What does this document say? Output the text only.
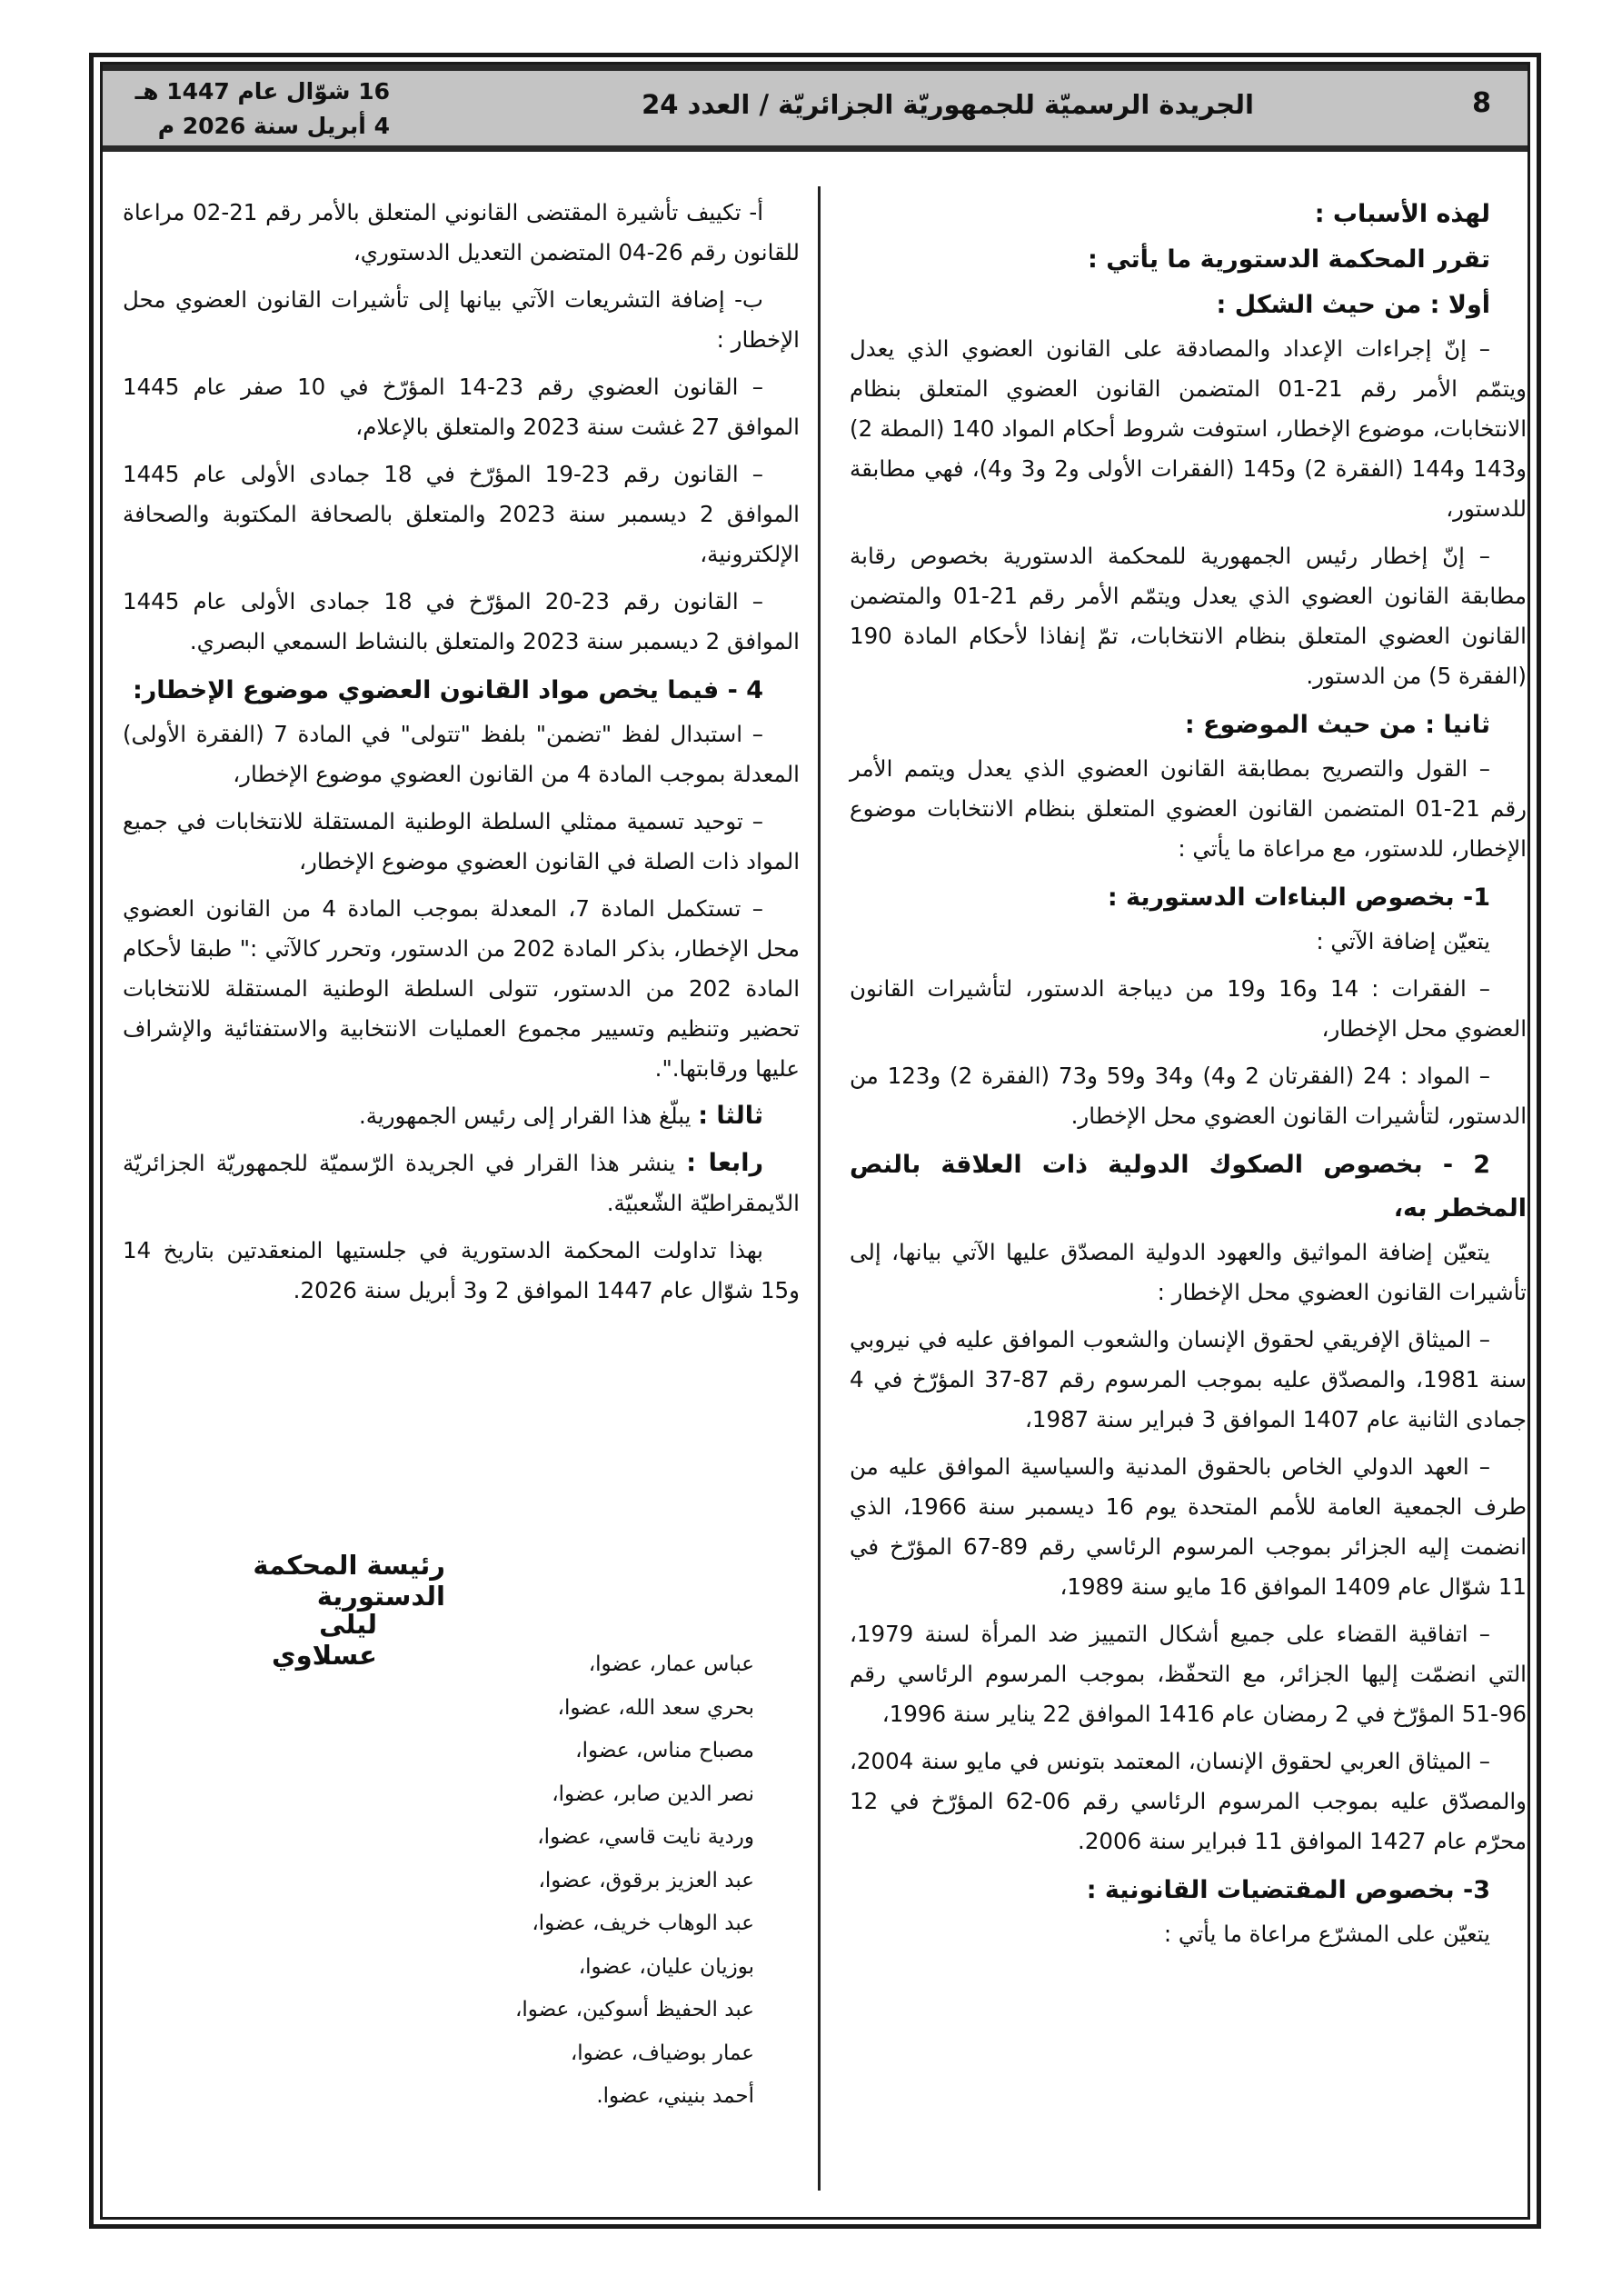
8
الجريدة الرسميّة للجمهوريّة الجزائريّة / العدد 24
16 شوّال عام 1447 هـ
4 أبريل سنة 2026 م
لهذه الأسباب :
تقرر المحكمة الدستورية ما يأتي :
أولا : من حيث الشكل :
– إنّ إجراءات الإعداد والمصادقة على القانون العضوي الذي يعدل ويتمّم الأمر رقم 21-01 المتضمن القانون العضوي المتعلق بنظام الانتخابات، موضوع الإخطار، استوفت شروط أحكام المواد 140 (المطة 2) و143 و144 (الفقرة 2) و145 (الفقرات الأولى و2 و3 و4)، فهي مطابقة للدستور،
– إنّ إخطار رئيس الجمهورية للمحكمة الدستورية بخصوص رقابة مطابقة القانون العضوي الذي يعدل ويتمّم الأمر رقم 21-01 والمتضمن القانون العضوي المتعلق بنظام الانتخابات، تمّ إنفاذا لأحكام المادة 190 (الفقرة 5) من الدستور.
ثانيا : من حيث الموضوع :
– القول والتصريح بمطابقة القانون العضوي الذي يعدل ويتمم الأمر رقم 21-01 المتضمن القانون العضوي المتعلق بنظام الانتخابات موضوع الإخطار، للدستور، مع مراعاة ما يأتي :
1- بخصوص البناءات الدستورية :
يتعيّن إضافة الآتي :
– الفقرات : 14 و16 و19 من ديباجة الدستور، لتأشيرات القانون العضوي محل الإخطار،
– المواد : 24 (الفقرتان 2 و4) و34 و59 و73 (الفقرة 2) و123 من الدستور، لتأشيرات القانون العضوي محل الإخطار.
2 - بخصوص الصكوك الدولية ذات العلاقة بالنص المخطر به،
يتعيّن إضافة المواثيق والعهود الدولية المصدّق عليها الآتي بيانها، إلى تأشيرات القانون العضوي محل الإخطار :
– الميثاق الإفريقي لحقوق الإنسان والشعوب الموافق عليه في نيروبي سنة 1981، والمصدّق عليه بموجب المرسوم رقم 87-37 المؤرّخ في 4 جمادى الثانية عام 1407 الموافق 3 فبراير سنة 1987،
– العهد الدولي الخاص بالحقوق المدنية والسياسية الموافق عليه من طرف الجمعية العامة للأمم المتحدة يوم 16 ديسمبر سنة 1966، الذي انضمت إليه الجزائر بموجب المرسوم الرئاسي رقم 89-67 المؤرّخ في 11 شوّال عام 1409 الموافق 16 مايو سنة 1989،
– اتفاقية القضاء على جميع أشكال التمييز ضد المرأة لسنة 1979، التي انضمّت إليها الجزائر، مع التحفّظ، بموجب المرسوم الرئاسي رقم 96-51 المؤرّخ في 2 رمضان عام 1416 الموافق 22 يناير سنة 1996،
– الميثاق العربي لحقوق الإنسان، المعتمد بتونس في مايو سنة 2004، والمصدّق عليه بموجب المرسوم الرئاسي رقم 06-62 المؤرّخ في 12 محرّم عام 1427 الموافق 11 فبراير سنة 2006.
3- بخصوص المقتضيات القانونية :
يتعيّن على المشرّع مراعاة ما يأتي :
أ- تكييف تأشيرة المقتضى القانوني المتعلق بالأمر رقم 21-02 مراعاة للقانون رقم 26-04 المتضمن التعديل الدستوري،
ب- إضافة التشريعات الآتي بيانها إلى تأشيرات القانون العضوي محل الإخطار :
– القانون العضوي رقم 23-14 المؤرّخ في 10 صفر عام 1445 الموافق 27 غشت سنة 2023 والمتعلق بالإعلام،
– القانون رقم 23-19 المؤرّخ في 18 جمادى الأولى عام 1445 الموافق 2 ديسمبر سنة 2023 والمتعلق بالصحافة المكتوبة والصحافة الإلكترونية،
– القانون رقم 23-20 المؤرّخ في 18 جمادى الأولى عام 1445 الموافق 2 ديسمبر سنة 2023 والمتعلق بالنشاط السمعي البصري.
4 - فيما يخص مواد القانون العضوي موضوع الإخطار:
– استبدال لفظ "تضمن" بلفظ "تتولى" في المادة 7 (الفقرة الأولى) المعدلة بموجب المادة 4 من القانون العضوي موضوع الإخطار،
– توحيد تسمية ممثلي السلطة الوطنية المستقلة للانتخابات في جميع المواد ذات الصلة في القانون العضوي موضوع الإخطار،
– تستكمل المادة 7، المعدلة بموجب المادة 4 من القانون العضوي محل الإخطار، بذكر المادة 202 من الدستور، وتحرر كالآتي :" طبقا لأحكام المادة 202 من الدستور، تتولى السلطة الوطنية المستقلة للانتخابات تحضير وتنظيم وتسيير مجموع العمليات الانتخابية والاستفتائية والإشراف عليها ورقابتها.".
ثالثا : يبلّغ هذا القرار إلى رئيس الجمهورية.
رابعا : ينشر هذا القرار في الجريدة الرّسميّة للجمهوريّة الجزائريّة الدّيمقراطيّة الشّعبيّة.
بهذا تداولت المحكمة الدستورية في جلستيها المنعقدتين بتاريخ 14 و15 شوّال عام 1447 الموافق 2 و3 أبريل سنة 2026.
رئيسة المحكمة الدستورية
ليلى عسلاوي	عباس عمار، عضوا،
بحري سعد الله، عضوا،
مصباح مناس، عضوا،
نصر الدين صابر، عضوا،
وردية نايت قاسي، عضوا،
عبد العزيز برقوق، عضوا،
عبد الوهاب خريف، عضوا،
بوزيان عليان، عضوا،
عبد الحفيظ أسوكين، عضوا،
عمار بوضياف، عضوا،
أحمد بنيني، عضوا.
